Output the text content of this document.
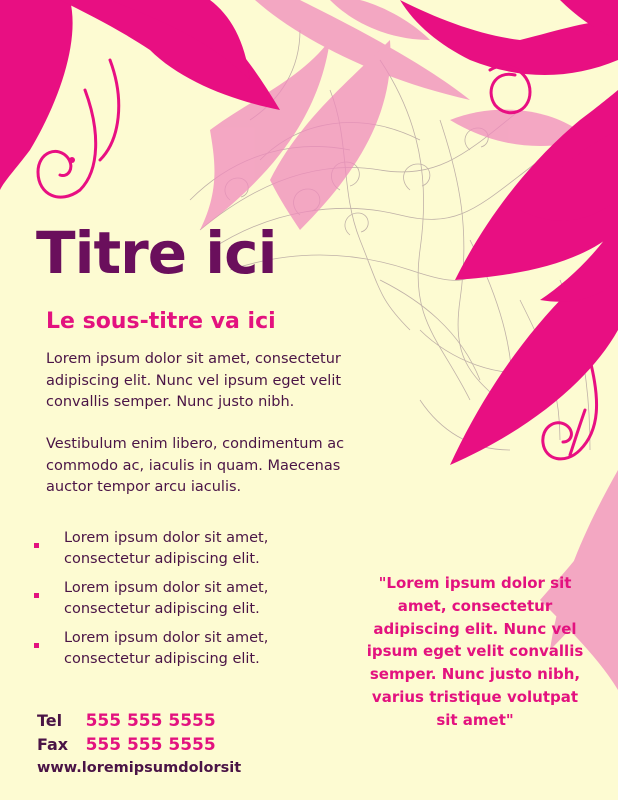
Titre ici
Le sous-titre va ici

Lorem ipsum dolor sit amet, consectetur adipiscing elit. Nunc vel ipsum eget velit convallis semper. Nunc justo nibh.

Vestibulum enim libero, condimentum ac commodo ac, iaculis in quam. Maecenas auctor tempor arcu iaculis.

Lorem ipsum dolor sit amet, consectetur adipiscing elit.
Lorem ipsum dolor sit amet, consectetur adipiscing elit.
Lorem ipsum dolor sit amet, consectetur adipiscing elit.
Tel 555 555 5555
Fax 555 555 5555
www.loremipsumdolorsit

"Lorem ipsum dolor sit amet, consectetur adipiscing elit. Nunc vel ipsum eget velit convallis semper. Nunc justo nibh, varius tristique volutpat sit amet"
